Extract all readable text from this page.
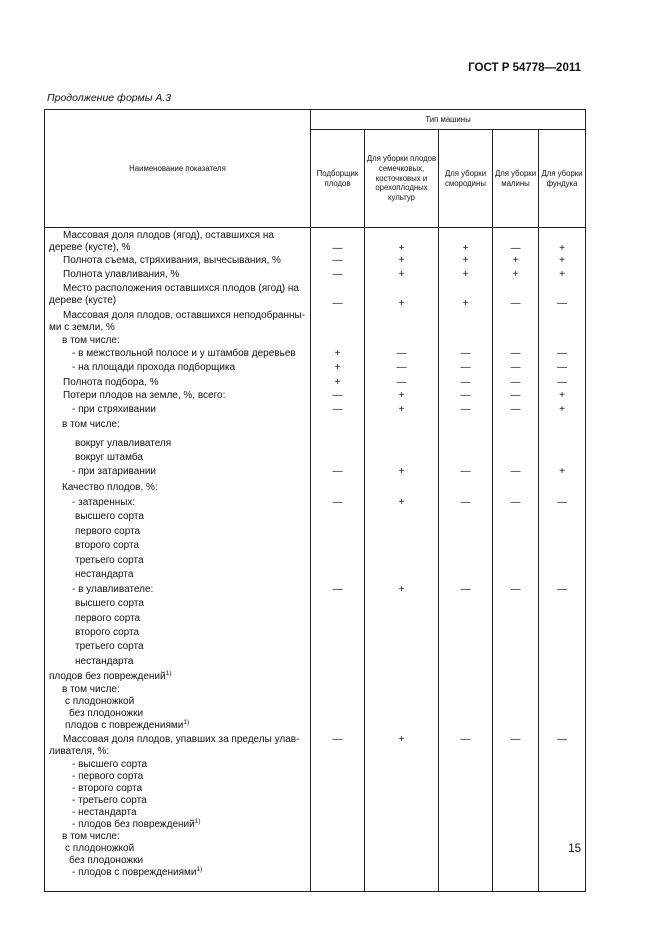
ГОСТ Р 54778—2011
Продолжение формы А.3
Наименование показателя	Тип машины				
	Подборщик плодов	Для уборки плодов семечковых, косточковых и орехоплодных культур	Для уборки смородины	Для уборки малины	Для уборки фундука
Массовая доля плодов (ягод), оставшихся на дереве (кусте), %	—	+	+	—	+
Полнота съема, стряхивания, вычесывания, %	—	+	+	+	+
Полнота улавливания, %	—	+	+	+	+
Место расположения оставшихся плодов (ягод) на дереве (кусте)	—	+	+	—	—
Массовая доля плодов, оставшихся неподобранны-ми с земли, %					
в том числе:					
- в межствольной полосе и у штамбов деревьев	+	—	—	—	—
- на площади прохода подборщика	+	—	—	—	—
Полнота подбора, %	+	—	—	—	—
Потери плодов на земле, %, всего:	—	+	—	—	+
- при стряхивании	—	+	—	—	+
в том числе:					
вокруг улавливателя					
вокруг штамба					
- при затаривании	—	+	—	—	+
Качество плодов, %:					
- затаренных:	—	+	—	—	—
высшего сорта					
первого сорта					
второго сорта					
третьего сорта					
нестандарта					
- в улавливателе:	—	+	—	—	—
высшего сорта					
первого сорта					
второго сорта					
третьего сорта					
нестандарта					
плодов без повреждений$^{1)}$					
в том числе:					
с плодоножкой					
без плодоножки					
плодов с повреждениями$^{1)}$					
Массовая доля плодов, упавших за пределы улав-ливателя, %:	—	+	—	—	—
- высшего сорта					
- первого сорта					
- второго сорта					
- третьего сорта					
- нестандарта					
- плодов без повреждений$^{1)}$					
в том числе:					
с плодоножкой					
без плодоножки					
- плодов с повреждениями$^{1)}$					

15
